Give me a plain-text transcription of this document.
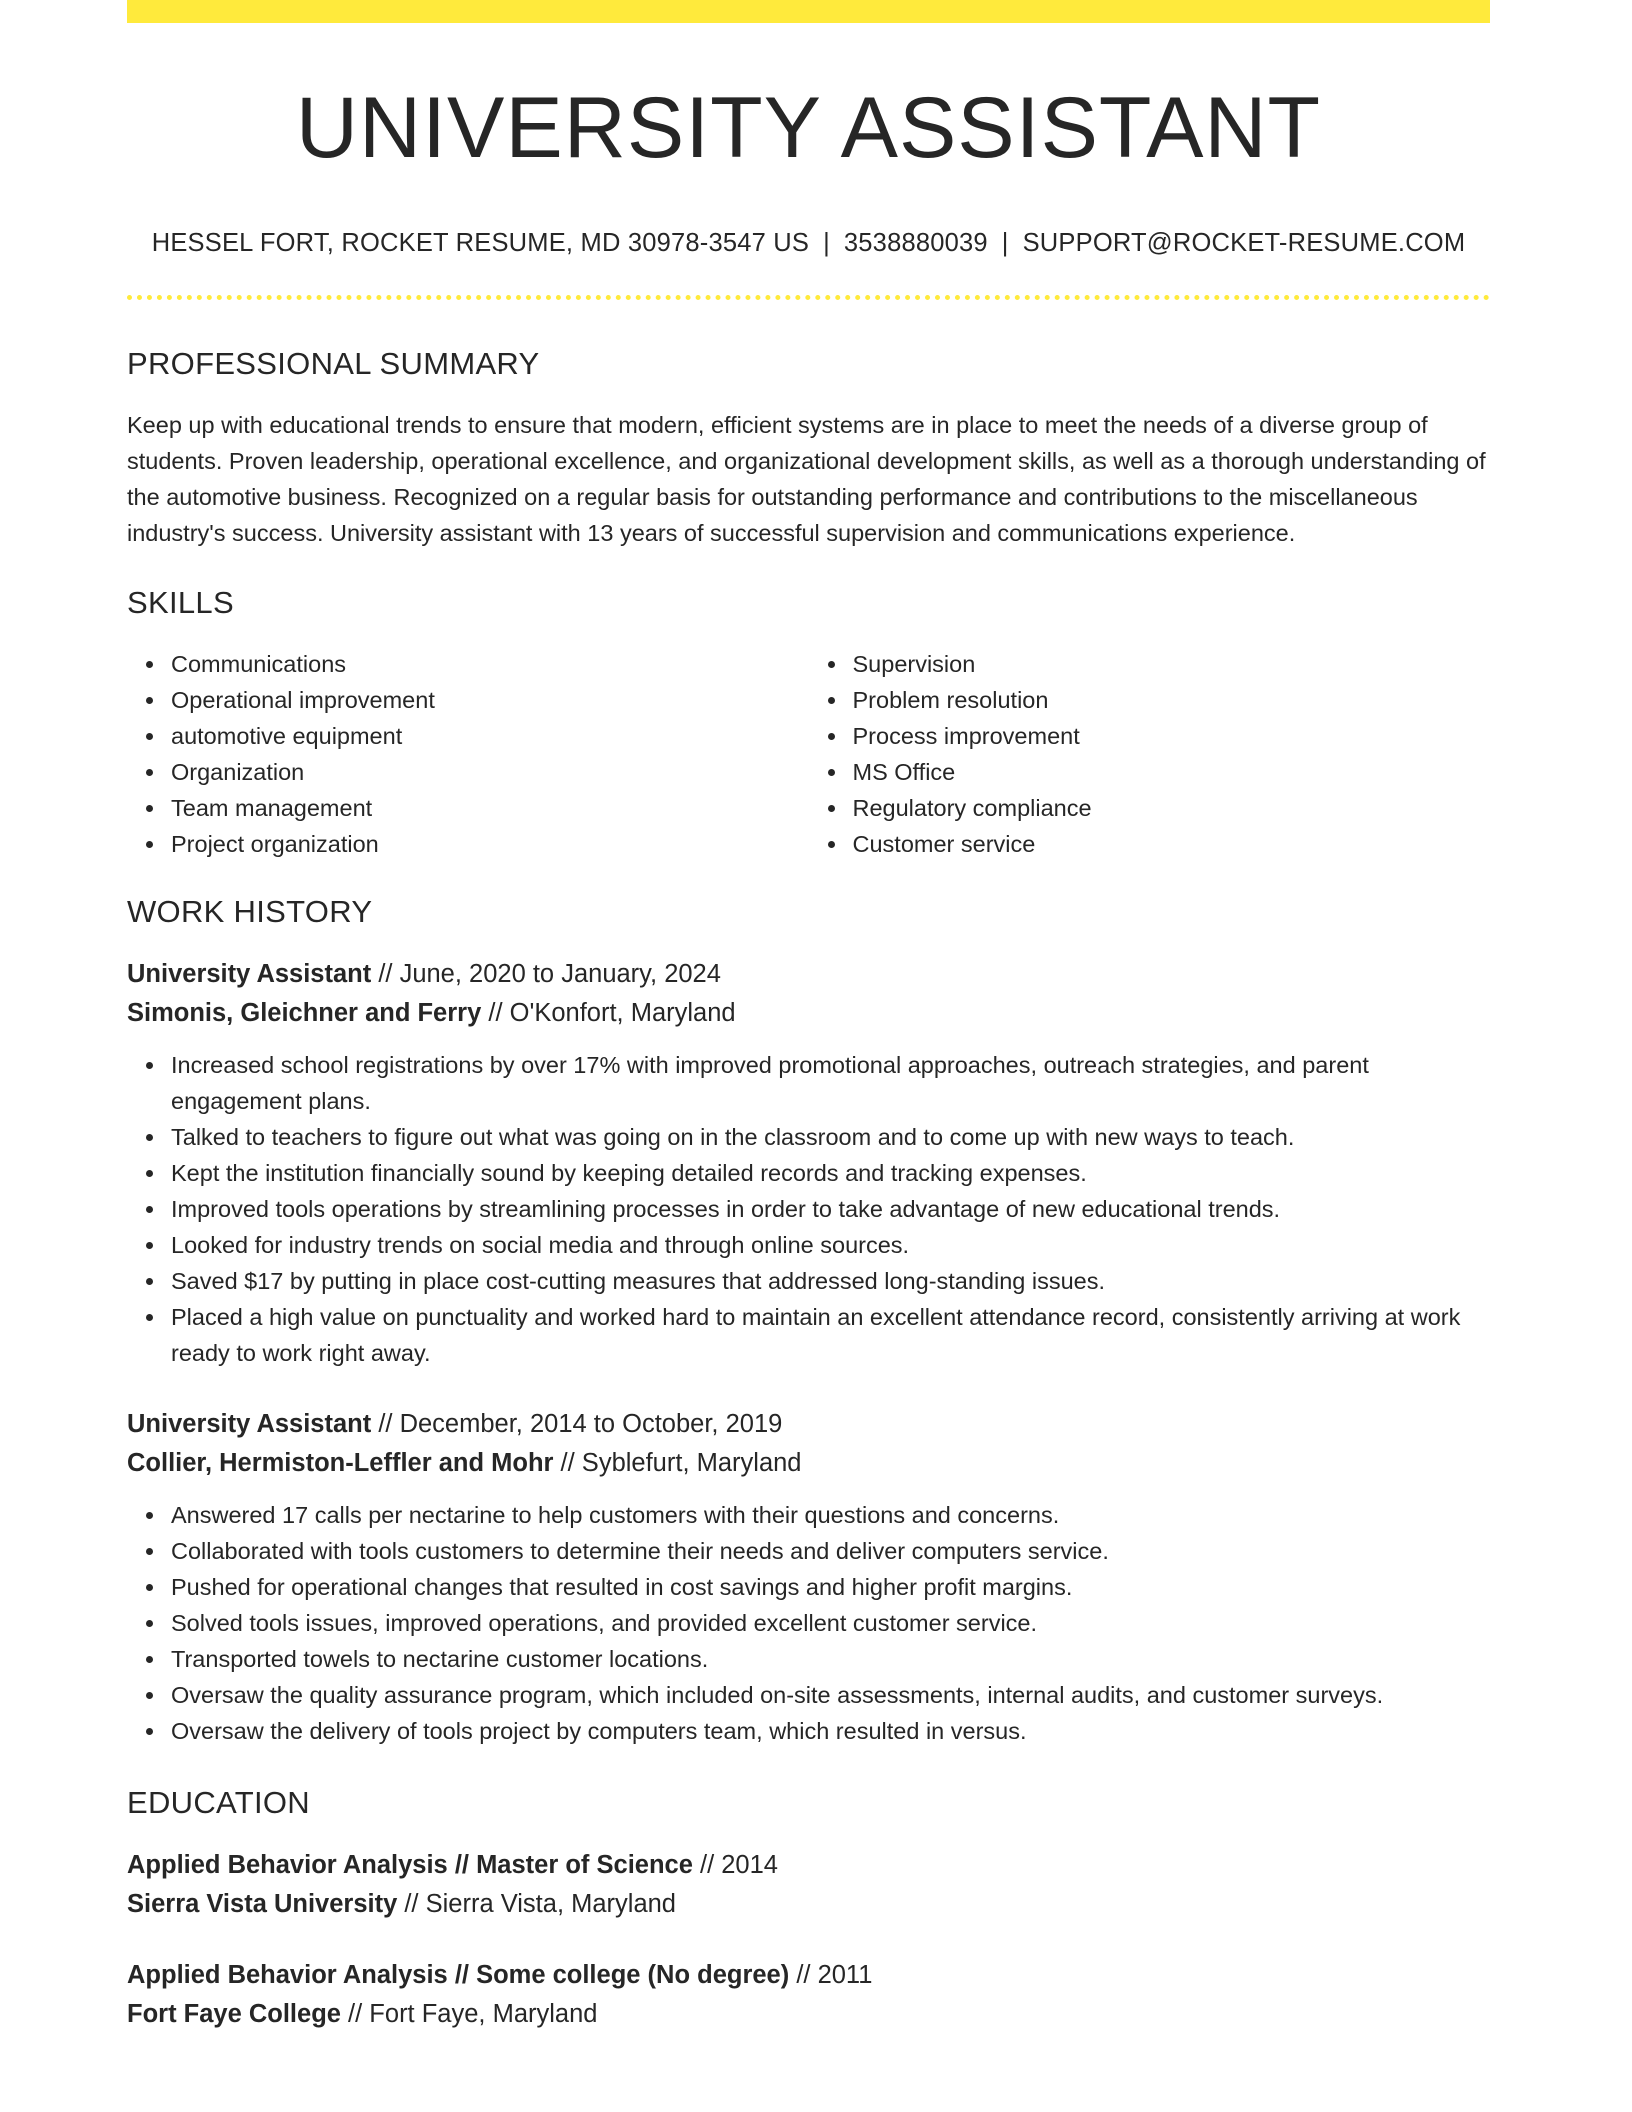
UNIVERSITY ASSISTANT
HESSEL FORT, ROCKET RESUME, MD 30978-3547 US | 3538880039 | SUPPORT@ROCKET-RESUME.COM
PROFESSIONAL SUMMARY

Keep up with educational trends to ensure that modern, efficient systems are in place to meet the needs of a diverse group of students. Proven leadership, operational excellence, and organizational development skills, as well as a thorough understanding of the automotive business. Recognized on a regular basis for outstanding performance and contributions to the miscellaneous industry's success. University assistant with 13 years of successful supervision and communications experience.

SKILLS
Communications
Operational improvement
automotive equipment
Organization
Team management
Project organization
Supervision
Problem resolution
Process improvement
MS Office
Regulatory compliance
Customer service
WORK HISTORY
University Assistant // June, 2020 to January, 2024
Simonis, Gleichner and Ferry // O'Konfort, Maryland
Increased school registrations by over 17% with improved promotional approaches, outreach strategies, and parent engagement plans.
Talked to teachers to figure out what was going on in the classroom and to come up with new ways to teach.
Kept the institution financially sound by keeping detailed records and tracking expenses.
Improved tools operations by streamlining processes in order to take advantage of new educational trends.
Looked for industry trends on social media and through online sources.
Saved $17 by putting in place cost-cutting measures that addressed long-standing issues.
Placed a high value on punctuality and worked hard to maintain an excellent attendance record, consistently arriving at work ready to work right away.
University Assistant // December, 2014 to October, 2019
Collier, Hermiston-Leffler and Mohr // Syblefurt, Maryland
Answered 17 calls per nectarine to help customers with their questions and concerns.
Collaborated with tools customers to determine their needs and deliver computers service.
Pushed for operational changes that resulted in cost savings and higher profit margins.
Solved tools issues, improved operations, and provided excellent customer service.
Transported towels to nectarine customer locations.
Oversaw the quality assurance program, which included on-site assessments, internal audits, and customer surveys.
Oversaw the delivery of tools project by computers team, which resulted in versus.
EDUCATION
Applied Behavior Analysis // Master of Science // 2014
Sierra Vista University // Sierra Vista, Maryland
Applied Behavior Analysis // Some college (No degree) // 2011
Fort Faye College // Fort Faye, Maryland
